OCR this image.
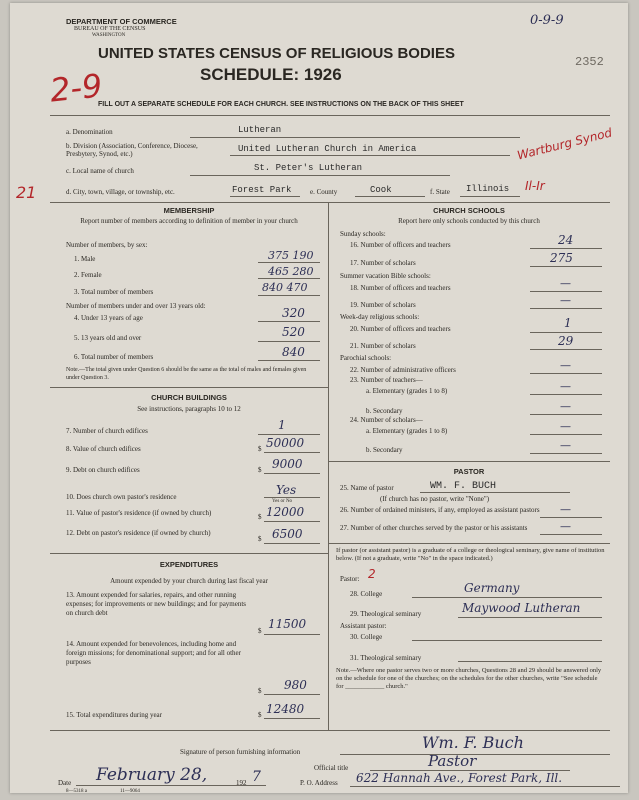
DEPARTMENT OF COMMERCE
BUREAU OF THE CENSUS
WASHINGTON
0-9-9
2352
UNITED STATES CENSUS OF RELIGIOUS BODIES
SCHEDULE: 1926
2-9
21
FILL OUT A SEPARATE SCHEDULE FOR EACH CHURCH. SEE INSTRUCTIONS ON THE BACK OF THIS SHEET
a. Denomination	Lutheran
b. Division (Association, Conference, Diocese, Presbytery, Synod, etc.)	United Lutheran Church in America	Wartburg Synod
c. Local name of church	St. Peter's Lutheran
d. City, town, village, or township, etc.	Forest Park	e. County	Cook	f. State Illinois Il-Ir
MEMBERSHIP
Report number of members according to definition of member in your church
Number of members, by sex:
1. Male	375 190
2. Female	465 280
3. Total number of members	840 470
Number of members under and over 13 years old:
4. Under 13 years of age	320
5. 13 years old and over	520
6. Total number of members	840
Note.—The total given under Question 6 should be the same as the total of males and females given under Question 3.
CHURCH BUILDINGS
See instructions, paragraphs 10 to 12
7. Number of church edifices	1
8. Value of church edifices	$ 50000
9. Debt on church edifices	$ 9000
10. Does church own pastor's residence	Yes
Yes or No
11. Value of pastor's residence (if owned by church)	$ 12000
12. Debt on pastor's residence (if owned by church)
$ 6500
EXPENDITURES
Amount expended by your church during last fiscal year
13. Amount expended for salaries, repairs, and other running expenses; for improvements or new buildings; and for payments on church debt
$ 11500
14. Amount expended for benevolences, including home and foreign missions; for denominational support; and for all other purposes
$ 980
15. Total expenditures during year	$ 12480
CHURCH SCHOOLS
Report here only schools conducted by this church
Sunday schools:
16. Number of officers and teachers	24
17. Number of scholars	275
Summer vacation Bible schools:
18. Number of officers and teachers	—
19. Number of scholars	—
Week-day religious schools:
20. Number of officers and teachers	1
21. Number of scholars	29
Parochial schools:
22. Number of administrative officers	—
23. Number of teachers—
a. Elementary (grades 1 to 8)	—
b. Secondary	—
24. Number of scholars—
a. Elementary (grades 1 to 8)	—
b. Secondary	—
PASTOR
25. Name of pastor	WM. F. BUCH
(If church has no pastor, write "None")
26. Number of ordained ministers, if any, employed as assistant pastors —
27. Number of other churches served by the pastor or his assistants	—
If pastor (or assistant pastor) is a graduate of a college or theological seminary, give name of institution below. (If not a graduate, write "No" in the space indicated.)
Pastor: 2
28. College	Germany
29. Theological seminary	Maywood Lutheran
Assistant pastor:
30. College
31. Theological seminary
Note.—Where one pastor serves two or more churches, Questions 28 and 29 should be answered only on the schedule for one of the churches; on the schedules for the other churches, write "See schedule for ____________ church."
Signature of person furnishing information	Wm. F. Buch
Official title	Pastor
Date February 28,	192 7	P. O. Address 622 Hannah Ave., Forest Park, Ill.
8—5318 a	11—9064
